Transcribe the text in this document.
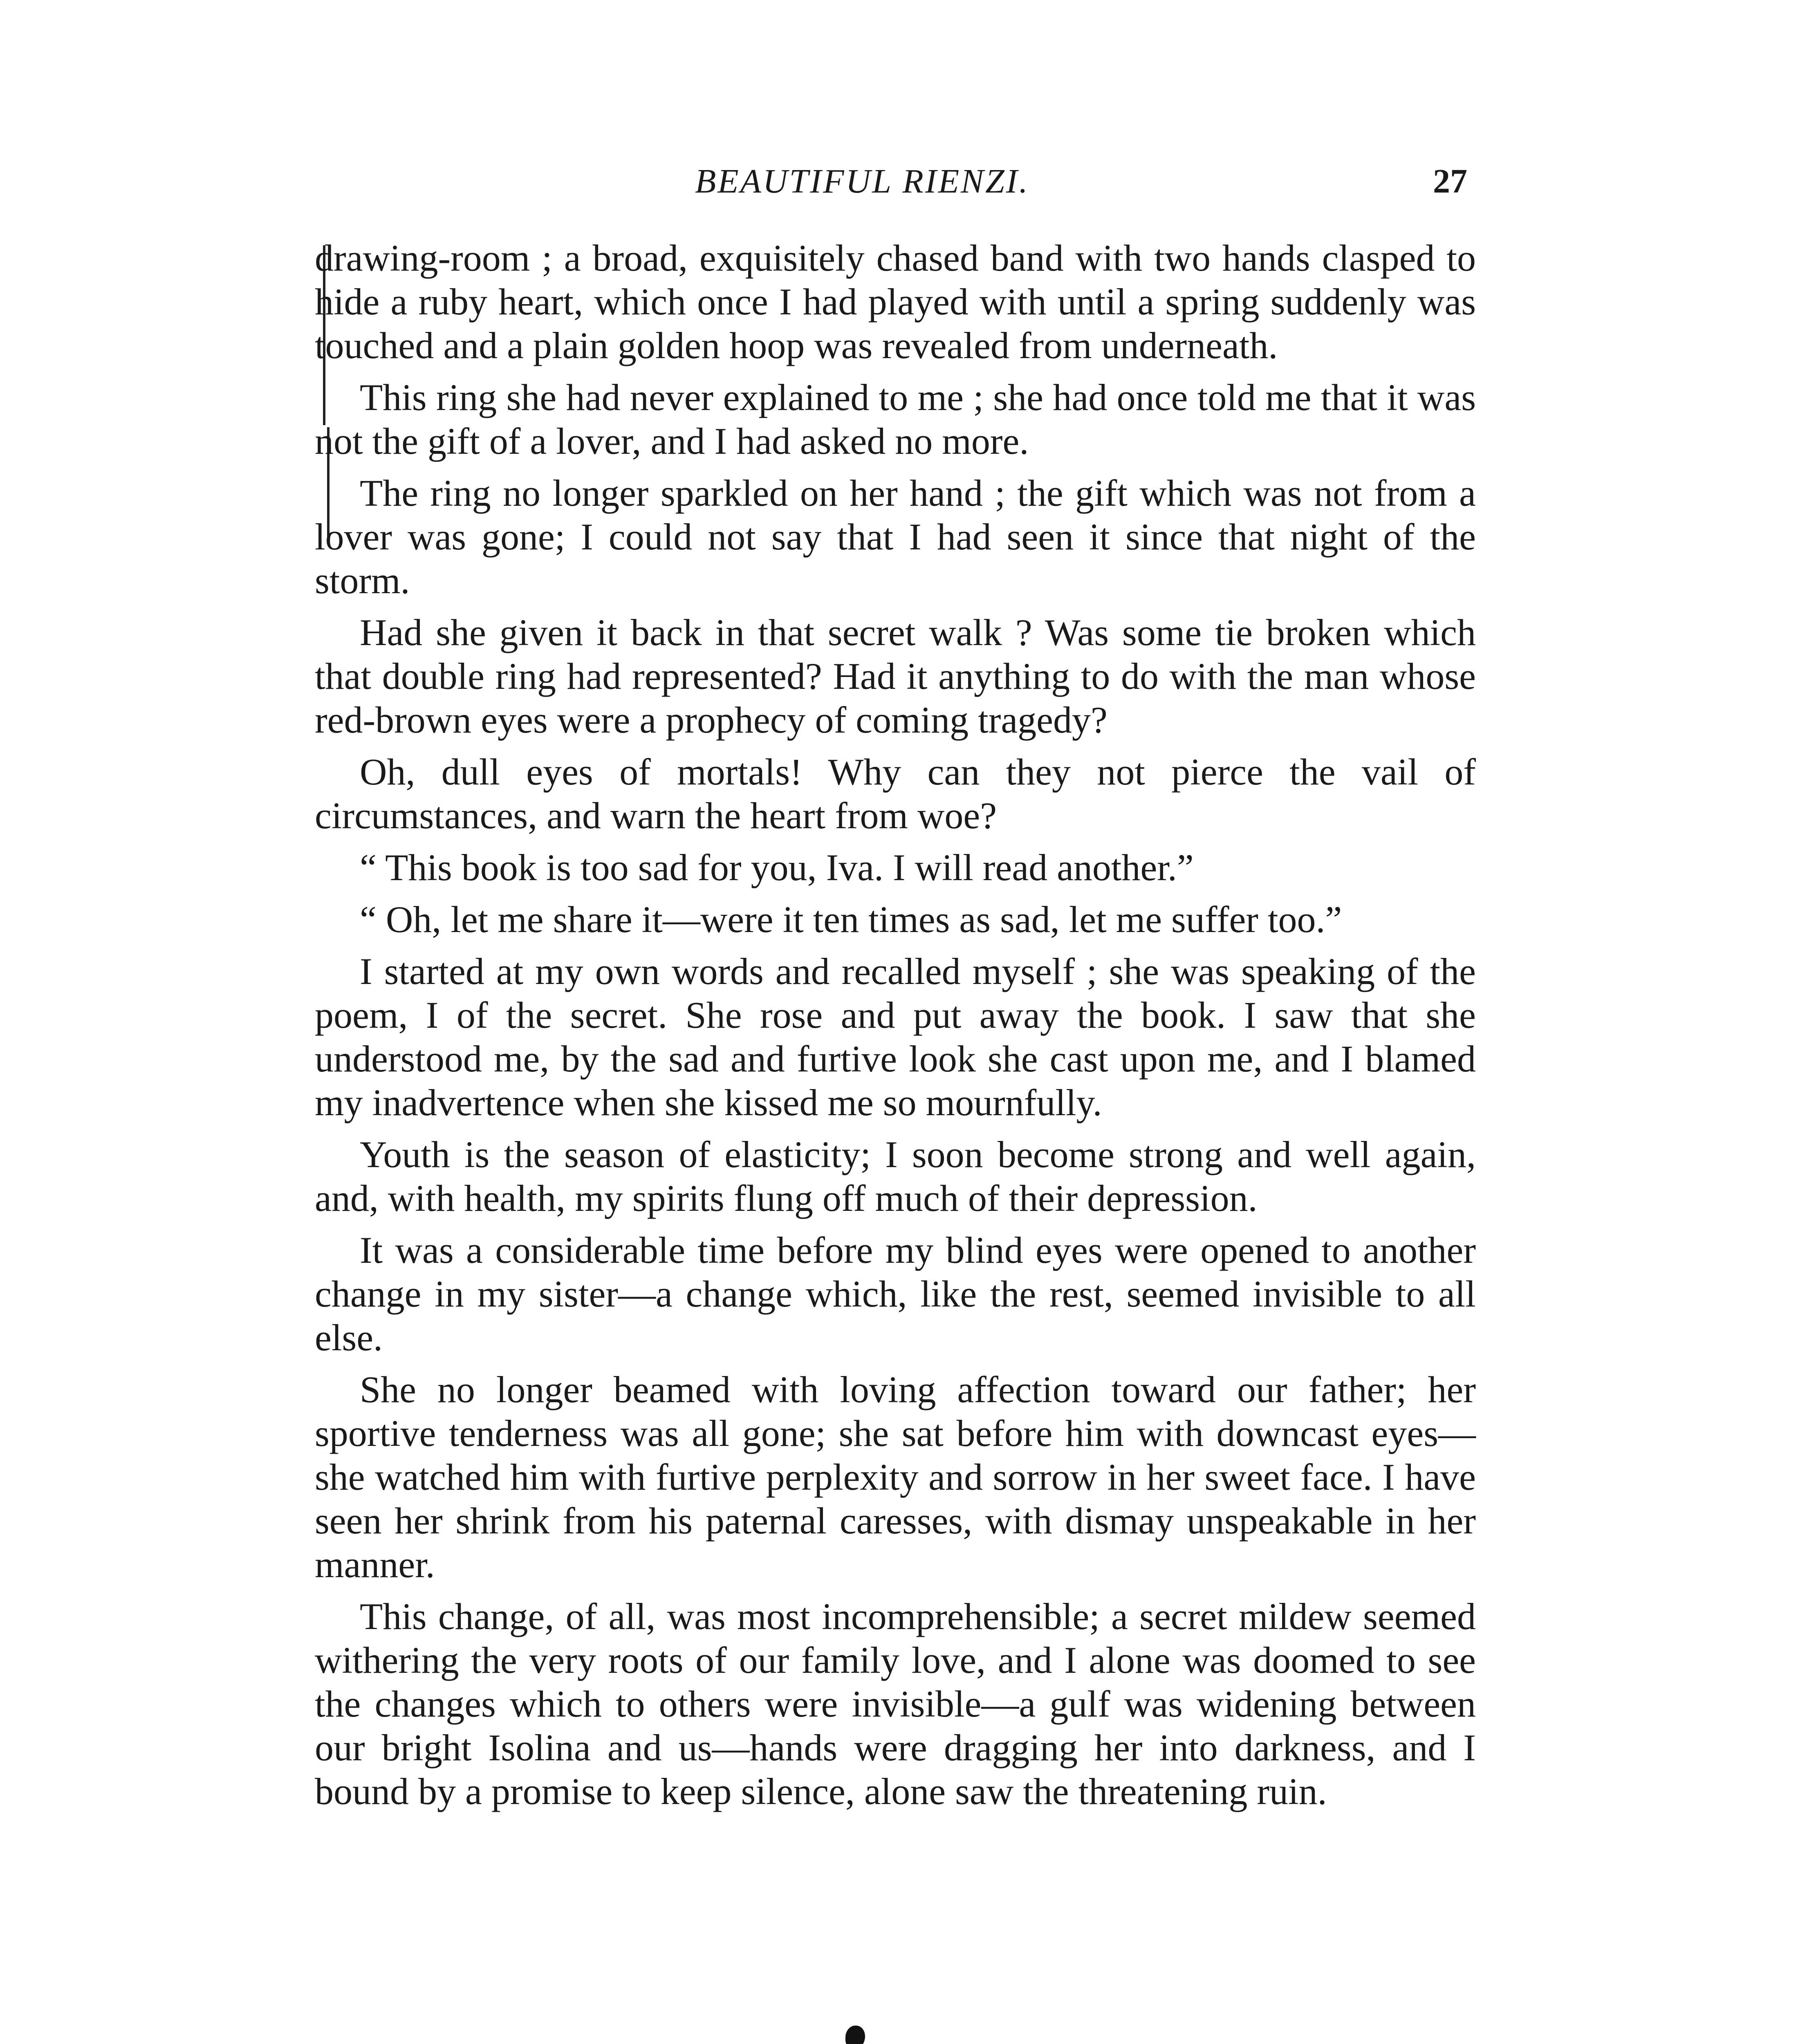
BEAUTIFUL RIENZI.	27

drawing-room ; a broad, exquisitely chased band with two hands clasped to hide a ruby heart, which once I had played with until a spring suddenly was touched and a plain golden hoop was revealed from underneath.

This ring she had never explained to me ; she had once told me that it was not the gift of a lover, and I had asked no more.

The ring no longer sparkled on her hand ; the gift which was not from a lover was gone; I could not say that I had seen it since that night of the storm.

Had she given it back in that secret walk ? Was some tie broken which that double ring had represented? Had it anything to do with the man whose red-brown eyes were a prophecy of coming tragedy?

Oh, dull eyes of mortals! Why can they not pierce the vail of circumstances, and warn the heart from woe?

“ This book is too sad for you, Iva. I will read another.”

“ Oh, let me share it—were it ten times as sad, let me suffer too.”

I started at my own words and recalled myself ; she was speaking of the poem, I of the secret. She rose and put away the book. I saw that she understood me, by the sad and furtive look she cast upon me, and I blamed my inadvertence when she kissed me so mournfully.

Youth is the season of elasticity; I soon become strong and well again, and, with health, my spirits flung off much of their depression.

It was a considerable time before my blind eyes were opened to another change in my sister—a change which, like the rest, seemed invisible to all else.

She no longer beamed with loving affection toward our father; her sportive tenderness was all gone; she sat before him with downcast eyes—she watched him with furtive perplexity and sorrow in her sweet face. I have seen her shrink from his paternal caresses, with dismay unspeakable in her manner.

This change, of all, was most incomprehensible; a secret mildew seemed withering the very roots of our family love, and I alone was doomed to see the changes which to others were invisible—a gulf was widening between our bright Isolina and us—hands were dragging her into darkness, and I bound by a promise to keep silence, alone saw the threatening ruin.
